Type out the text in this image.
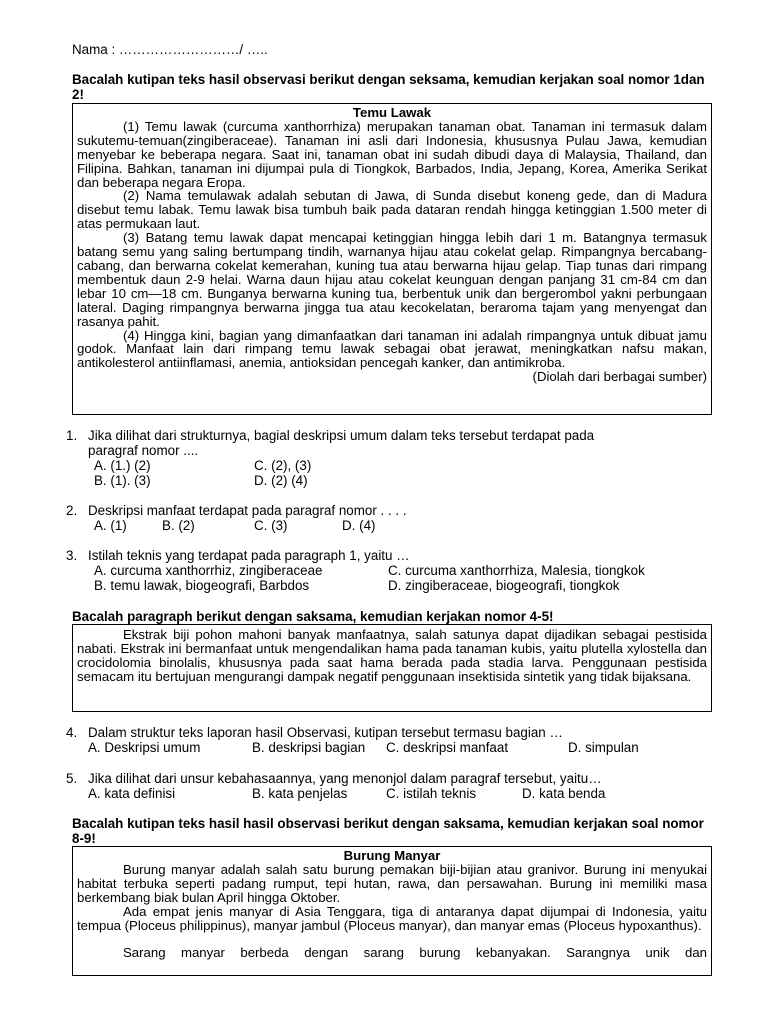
Nama : ………………………/ …..
Bacalah kutipan teks hasil observasi berikut dengan seksama, kemudian kerjakan soal nomor 1dan 2!
Temu Lawak

(1) Temu lawak (curcuma xanthorrhiza) merupakan tanaman obat. Tanaman ini termasuk dalam sukutemu-temuan(zingiberaceae). Tanaman ini asli dari Indonesia, khususnya Pulau Jawa, kemudian menyebar ke beberapa negara. Saat ini, tanaman obat ini sudah dibudi daya di Malaysia, Thailand, dan Filipina. Bahkan, tanaman ini dijumpai pula di Tiongkok, Barbados, India, Jepang, Korea, Amerika Serikat dan beberapa negara Eropa.

(2) Nama temulawak adalah sebutan di Jawa, di Sunda disebut koneng gede, dan di Madura disebut temu labak. Temu lawak bisa tumbuh baik pada dataran rendah hingga ketinggian 1.500 meter di atas permukaan laut.

(3) Batang temu lawak dapat mencapai ketinggian hingga lebih dari 1 m. Batangnya termasuk batang semu yang saling bertumpang tindih, warnanya hijau atau cokelat gelap. Rimpangnya bercabang-cabang, dan berwarna cokelat kemerahan, kuning tua atau berwarna hijau gelap. Tiap tunas dari rimpang membentuk daun 2-9 helai. Warna daun hijau atau cokelat keunguan dengan panjang 31 cm-84 cm dan lebar 10 cm—18 cm. Bunganya berwarna kuning tua, berbentuk unik dan bergerombol yakni perbungaan lateral. Daging rimpangnya berwarna jingga tua atau kecokelatan, beraroma tajam yang menyengat dan rasanya pahit.

(4) Hingga kini, bagian yang dimanfaatkan dari tanaman ini adalah rimpangnya untuk dibuat jamu godok. Manfaat lain dari rimpang temu lawak sebagai obat jerawat, meningkatkan nafsu makan, antikolesterol antiinflamasi, anemia, antioksidan pencegah kanker, dan antimikroba.

(Diolah dari berbagai sumber)
1. Jika dilihat dari strukturnya, bagial deskripsi umum dalam teks tersebut terdapat pada
paragraf nomor ....
A. (1.) (2)	C. (2), (3)
B. (1). (3)	D. (2) (4)
2. Deskripsi manfaat terdapat pada paragraf nomor . . . .
A. (1)	B. (2)	C. (3)	D. (4)
3. Istilah teknis yang terdapat pada paragraph 1, yaitu …
A. curcuma xanthorrhiz, zingiberaceae	C. curcuma xanthorrhiza, Malesia, tiongkok
B. temu lawak, biogeografi, Barbdos	D. zingiberaceae, biogeografi, tiongkok
Bacalah paragraph berikut dengan saksama, kemudian kerjakan nomor 4-5!

Ekstrak biji pohon mahoni banyak manfaatnya, salah satunya dapat dijadikan sebagai pestisida nabati. Ekstrak ini bermanfaat untuk mengendalikan hama pada tanaman kubis, yaitu plutella xylostella dan crocidolomia binolalis, khususnya pada saat hama berada pada stadia larva. Penggunaan pestisida semacam itu bertujuan mengurangi dampak negatif penggunaan insektisida sintetik yang tidak bijaksana.

4. Dalam struktur teks laporan hasil Observasi, kutipan tersebut termasu bagian …
A. Deskripsi umum	B. deskripsi bagian C. deskripsi manfaat	D. simpulan
5. Jika dilihat dari unsur kebahasaannya, yang menonjol dalam paragraf tersebut, yaitu…
A. kata definisi	B. kata penjelas	C. istilah teknis	D. kata benda
Bacalah kutipan teks hasil hasil observasi berikut dengan saksama, kemudian kerjakan soal nomor 8-9!
Burung Manyar

Burung manyar adalah salah satu burung pemakan biji-bijian atau granivor. Burung ini menyukai habitat terbuka seperti padang rumput, tepi hutan, rawa, dan persawahan. Burung ini memiliki masa berkembang biak bulan April hingga Oktober.

Ada empat jenis manyar di Asia Tenggara, tiga di antaranya dapat dijumpai di Indonesia, yaitu tempua (Ploceus philippinus), manyar jambul (Ploceus manyar), dan manyar emas (Ploceus hypoxanthus).

Sarang manyar berbeda dengan sarang burung kebanyakan. Sarangnya unik dan
